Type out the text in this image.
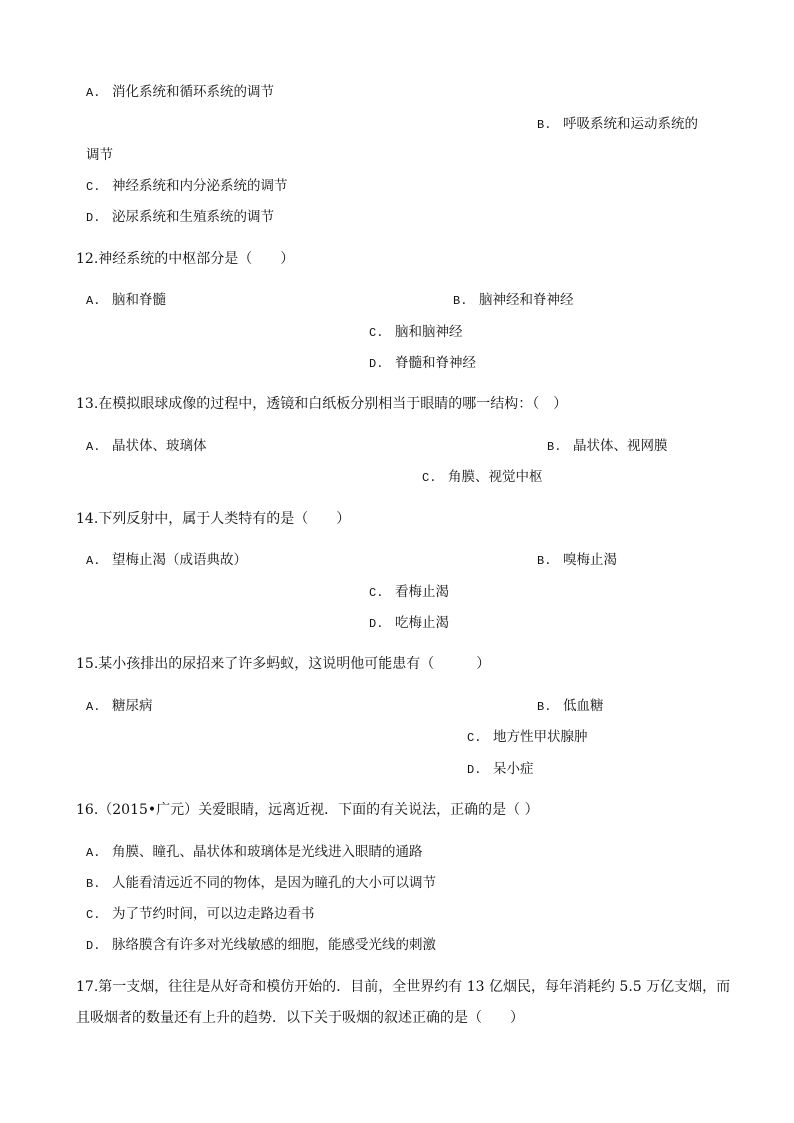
A. 消化系统和循环系统的调节
B. 呼吸系统和运动系统的
调节
C. 神经系统和内分泌系统的调节
D. 泌尿系统和生殖系统的调节
12.神经系统的中枢部分是（　　）
A. 脑和脊髓	B. 脑神经和脊神经
C. 脑和脑神经
D. 脊髓和脊神经
13.在模拟眼球成像的过程中，透镜和白纸板分别相当于眼睛的哪一结构：（　）
A. 晶状体、玻璃体	B. 晶状体、视网膜
C. 角膜、视觉中枢
14.下列反射中，属于人类特有的是（　　）
A. 望梅止渴（成语典故）	B. 嗅梅止渴
C. 看梅止渴
D. 吃梅止渴
15.某小孩排出的尿招来了许多蚂蚁，这说明他可能患有（　　　）
A. 糖尿病	B. 低血糖
C. 地方性甲状腺肿
D. 呆小症
16.（2015•广元）关爱眼睛，远离近视．下面的有关说法，正确的是（ ）
A. 角膜、瞳孔、晶状体和玻璃体是光线进入眼睛的通路
B. 人能看清远近不同的物体，是因为瞳孔的大小可以调节
C. 为了节约时间，可以边走路边看书
D. 脉络膜含有许多对光线敏感的细胞，能感受光线的刺激
17.第一支烟，往往是从好奇和模仿开始的．目前，全世界约有 13 亿烟民，每年消耗约 5.5 万亿支烟，而
且吸烟者的数量还有上升的趋势．以下关于吸烟的叙述正确的是（　　）
